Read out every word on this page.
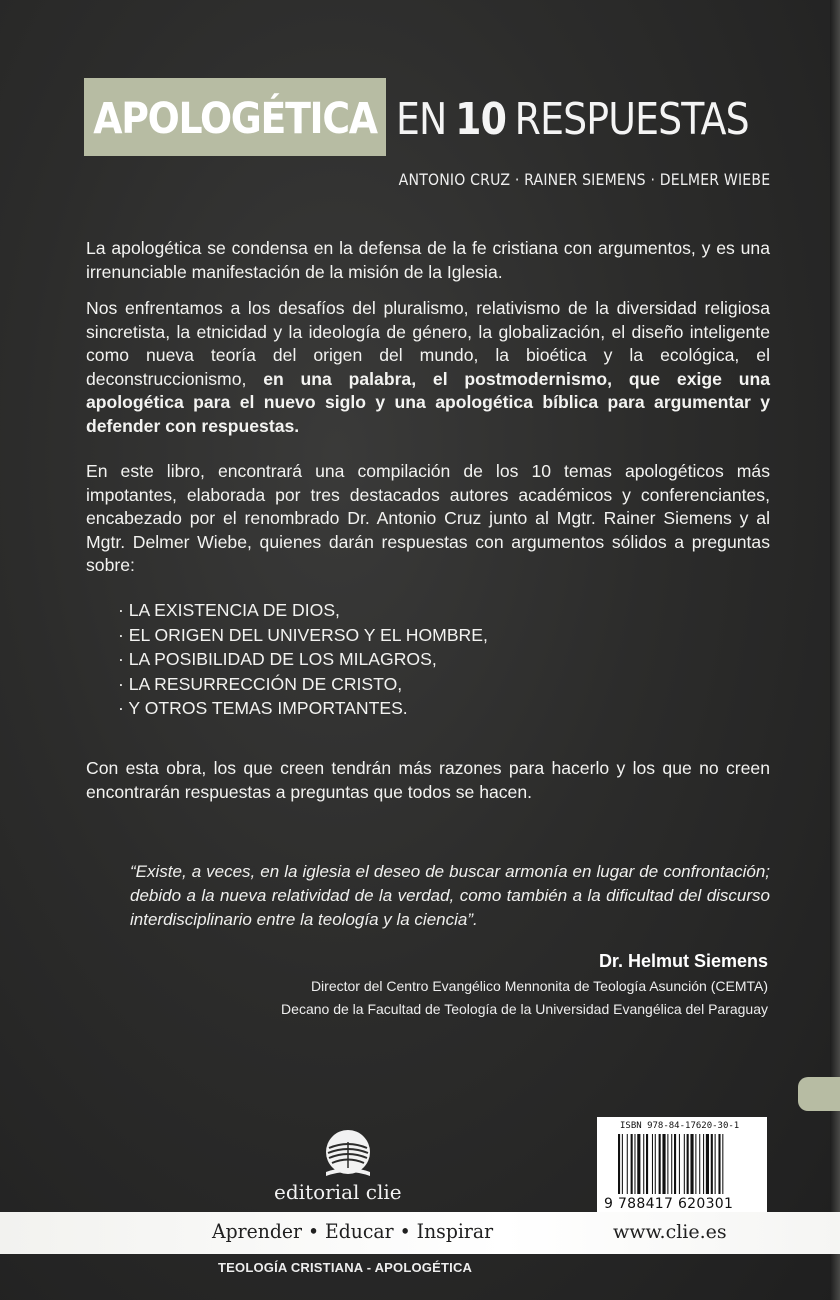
APOLOGÉTICA EN 10 RESPUESTAS
ANTONIO CRUZ · RAINER SIEMENS · DELMER WIEBE
La apologética se condensa en la defensa de la fe cristiana con argumentos, y es una irrenunciable manifestación de la misión de la Iglesia.
Nos enfrentamos a los desafíos del pluralismo, relativismo de la diversidad religiosa sincretista, la etnicidad y la ideología de género, la globalización, el diseño inteligente como nueva teoría del origen del mundo, la bioética y la ecológica, el deconstruccionismo, en una palabra, el postmodernismo, que exige una apologética para el nuevo siglo y una apologética bíblica para argumentar y defender con respuestas.
En este libro, encontrará una compilación de los 10 temas apologéticos más impotantes, elaborada por tres destacados autores académicos y conferenciantes, encabezado por el renombrado Dr. Antonio Cruz junto al Mgtr. Rainer Siemens y al Mgtr. Delmer Wiebe, quienes darán respuestas con argumentos sólidos a preguntas sobre:
· LA EXISTENCIA DE DIOS,
· EL ORIGEN DEL UNIVERSO Y EL HOMBRE,
· LA POSIBILIDAD DE LOS MILAGROS,
· LA RESURRECCIÓN DE CRISTO,
· Y OTROS TEMAS IMPORTANTES.
Con esta obra, los que creen tendrán más razones para hacerlo y los que no creen encontrarán respuestas a preguntas que todos se hacen.
“Existe, a veces, en la iglesia el deseo de buscar armonía en lugar de confrontación; debido a la nueva relatividad de la verdad, como también a la dificultad del discurso interdisciplinario entre la teología y la ciencia”.
Dr. Helmut Siemens
Director del Centro Evangélico Mennonita de Teología Asunción (CEMTA)
Decano de la Facultad de Teología de la Universidad Evangélica del Paraguay
editorial clie
ISBN 978-84-17620-30-1
9 788417 620301
Aprender • Educar • Inspirar	www.clie.es
TEOLOGÍA CRISTIANA - APOLOGÉTICA
